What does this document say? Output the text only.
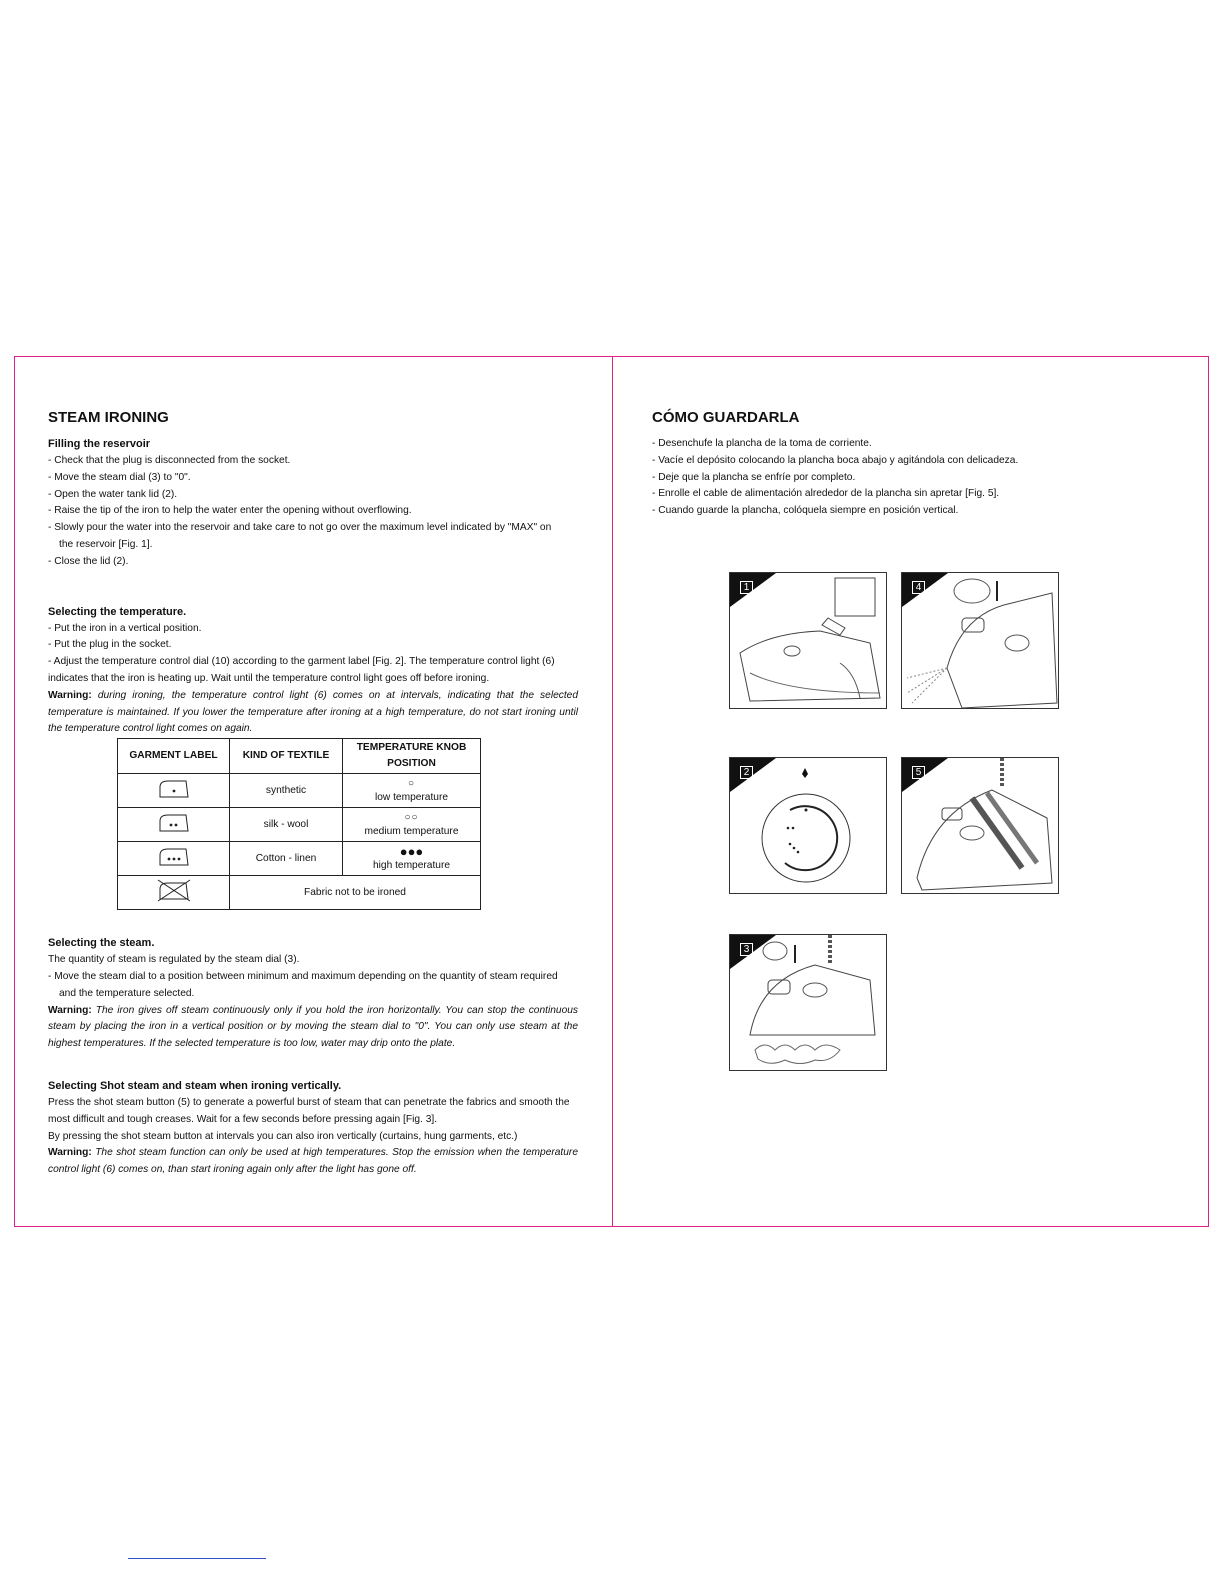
STEAM IRONING
Filling the reservoir

- Check that the plug is disconnected from the socket.

- Move the steam dial (3) to "0".

- Open the water tank lid (2).

- Raise the tip of the iron to help the water enter the opening without overflowing.

- Slowly pour the water into the reservoir and take care to not go over the maximum level indicated by "MAX" on

the reservoir [Fig. 1].

- Close the lid (2).

Selecting the temperature.

- Put the iron in a vertical position.

- Put the plug in the socket.

- Adjust the temperature control dial (10) according to the garment label [Fig. 2]. The temperature control light (6) indicates that the iron is heating up. Wait until the temperature control light goes off before ironing.

Warning: during ironing, the temperature control light (6) comes on at intervals, indicating that the selected temperature is maintained. If you lower the temperature after ironing at a high temperature, do not start ironing until the temperature control light comes on again.

GARMENT LABEL	KIND OF TEXTILE	TEMPERATURE KNOB POSITION
	synthetic	○
low temperature

	silk - wool	○○
medium temperature

	Cotton - linen	●●●
high temperature

	Fabric not to be ironed	
Selecting the steam.

The quantity of steam is regulated by the steam dial (3).

- Move the steam dial to a position between minimum and maximum depending on the quantity of steam required

and the temperature selected.

Warning: The iron gives off steam continuously only if you hold the iron horizontally. You can stop the continuous steam by placing the iron in a vertical position or by moving the steam dial to "0". You can only use steam at the highest temperatures. If the selected temperature is too low, water may drip onto the plate.

Selecting Shot steam and steam when ironing vertically.

Press the shot steam button (5) to generate a powerful burst of steam that can penetrate the fabrics and smooth the most difficult and tough creases. Wait for a few seconds before pressing again [Fig. 3].

By pressing the shot steam button at intervals you can also iron vertically (curtains, hung garments, etc.)

Warning: The shot steam function can only be used at high temperatures. Stop the emission when the temperature control light (6) comes on, than start ironing again only after the light has gone off.

CÓMO GUARDARLA

- Desenchufe la plancha de la toma de corriente.

- Vacíe el depósito colocando la plancha boca abajo y agitándola con delicadeza.

- Deje que la plancha se enfríe por completo.

- Enrolle el cable de alimentación alrededor de la plancha sin apretar [Fig. 5].

- Cuando guarde la plancha, colóquela siempre en posición vertical.

1	4
2	5
3
